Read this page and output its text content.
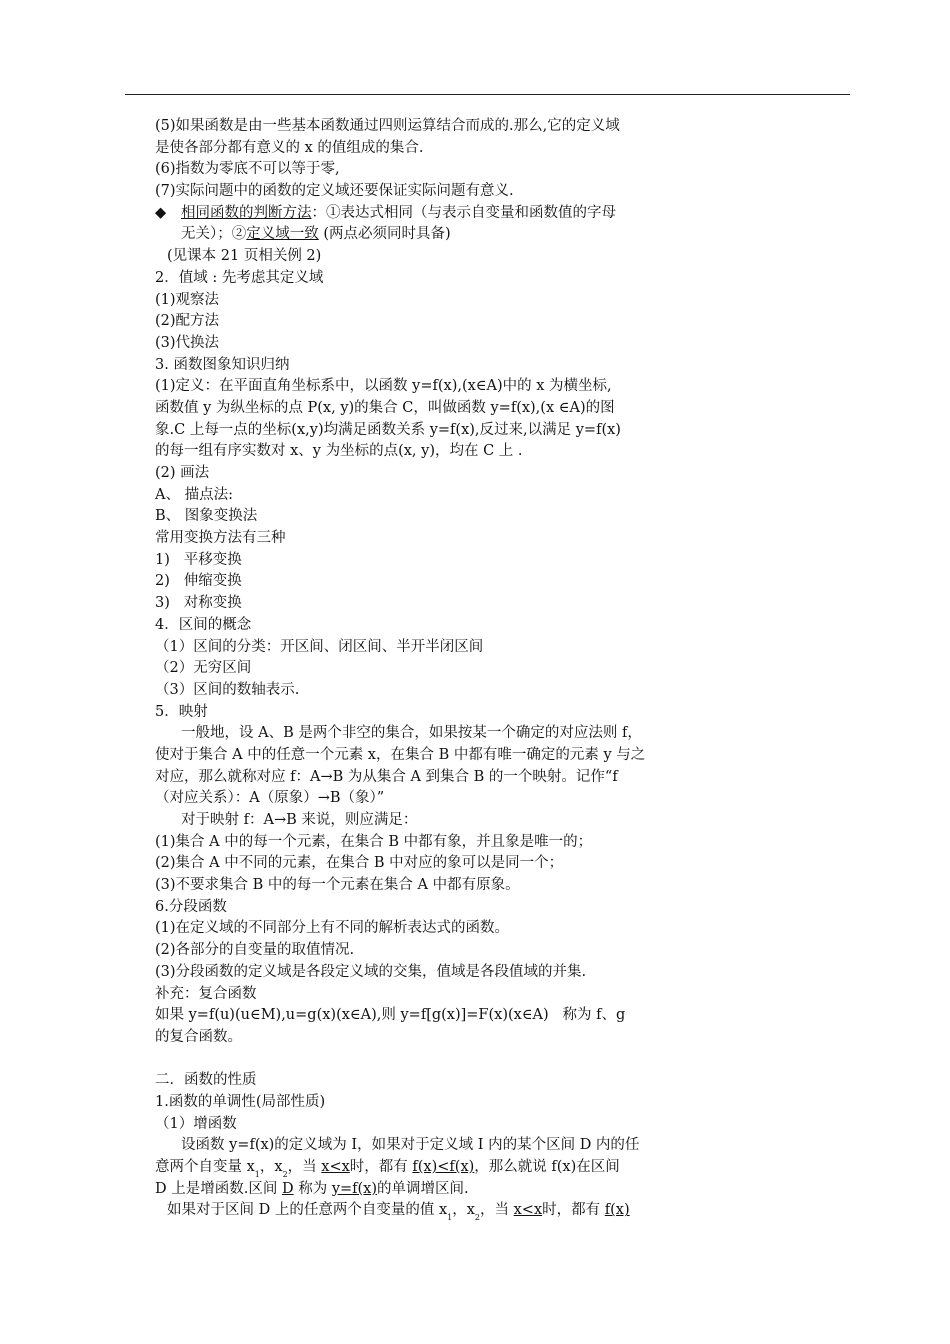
(5)如果函数是由一些基本函数通过四则运算结合而成的.那么,它的定义域
是使各部分都有意义的 x 的值组成的集合.
(6)指数为零底不可以等于零,
(7)实际问题中的函数的定义域还要保证实际问题有意义.
◆ 相同函数的判断方法：①表达式相同（与表示自变量和函数值的字母
无关）；②定义域一致 (两点必须同时具备)
(见课本 21 页相关例 2)
2．值域 : 先考虑其定义域
(1)观察法
(2)配方法
(3)代换法
3. 函数图象知识归纳
(1)定义：在平面直角坐标系中，以函数 y=f(x),(x∈A)中的 x 为横坐标,
函数值 y 为纵坐标的点 P(x, y)的集合 C，叫做函数 y=f(x),(x ∈A)的图
象.C 上每一点的坐标(x,y)均满足函数关系 y=f(x),反过来,以满足 y=f(x)
的每一组有序实数对 x、y 为坐标的点(x, y)，均在 C 上 .
(2) 画法
A、 描点法:
B、 图象变换法
常用变换方法有三种
1)   平移变换
2)   伸缩变换
3)   对称变换
4．区间的概念
（1）区间的分类：开区间、闭区间、半开半闭区间
（2）无穷区间
（3）区间的数轴表示.
5．映射
一般地，设 A、B 是两个非空的集合，如果按某一个确定的对应法则 f，
使对于集合 A 中的任意一个元素 x，在集合 B 中都有唯一确定的元素 y 与之
对应，那么就称对应 f：A→B 为从集合 A 到集合 B 的一个映射。记作“f
（对应关系）：A（原象）→B（象）”
对于映射 f：A→B 来说，则应满足：
(1)集合 A 中的每一个元素，在集合 B 中都有象，并且象是唯一的；
(2)集合 A 中不同的元素，在集合 B 中对应的象可以是同一个；
(3)不要求集合 B 中的每一个元素在集合 A 中都有原象。
6.分段函数
(1)在定义域的不同部分上有不同的解析表达式的函数。
(2)各部分的自变量的取值情况.
(3)分段函数的定义域是各段定义域的交集，值域是各段值域的并集.
补充：复合函数
如果 y=f(u)(u∈M),u=g(x)(x∈A),则 y=f[g(x)]=F(x)(x∈A)   称为 f、g
的复合函数。
二．函数的性质
1.函数的单调性(局部性质)
（1）增函数
设函数 y=f(x)的定义域为 I，如果对于定义域 I 内的某个区间 D 内的任
意两个自变量 $x_1$，$x_2$，当 x<x时，都有 f(x)<f(x)，那么就说 f(x)在区间
D 上是增函数.区间 D 称为 y=f(x)的单调增区间.
如果对于区间 D 上的任意两个自变量的值 $x_1$，$x_2$，当 x<x时，都有 f(x)
